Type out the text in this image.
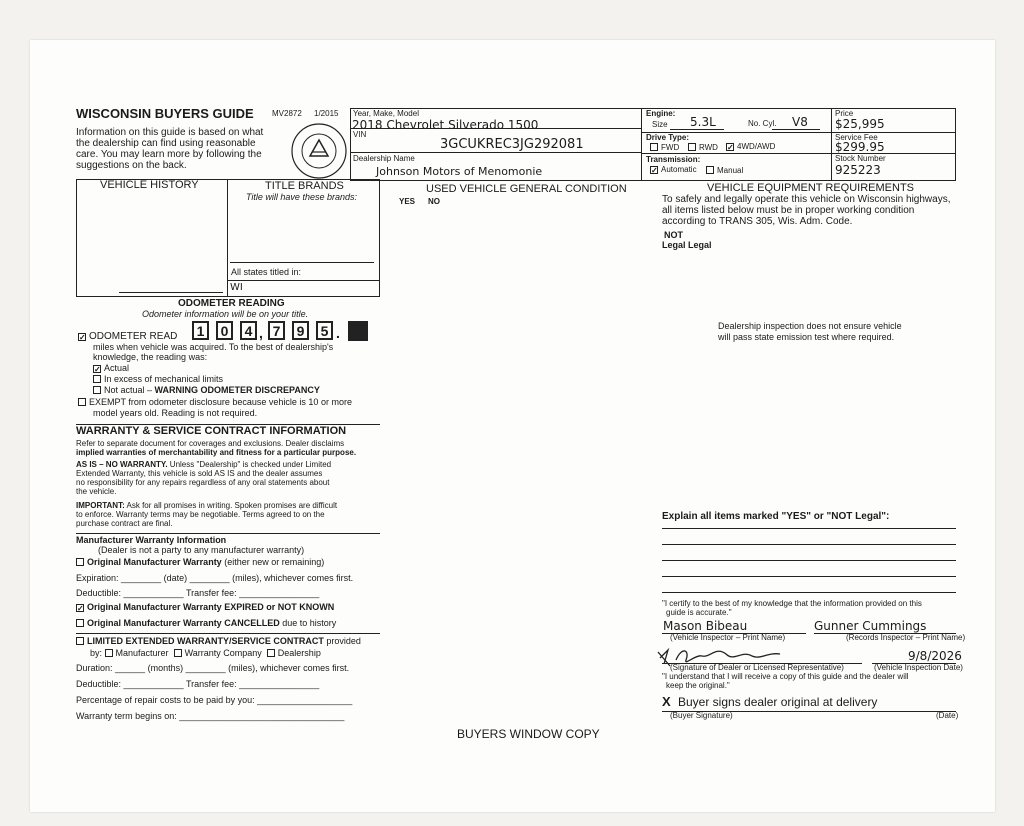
WISCONSIN BUYERS GUIDE MV2872 1/2015
Information on this guide is based on what
the dealership can find using reasonable
care. You may learn more by following the
suggestions on the back.
Year, Make, Model
2018 Chevrolet Silverado 1500
VIN
3GCUKREC3JG292081
Dealership Name
Johnson Motors of Menomonie
Engine:
Size 5.3L	No. Cyl. V8
Drive Type:
FWD	RWD
✓	4WD/AWD
Transmission:
✓Automatic	Manual
Price
$25,995
Service Fee
$299.95
Stock Number
925223
VEHICLE HISTORY	TITLE BRANDS
Title will have these brands:
All states titled in:
WI
ODOMETER READING
Odometer information will be on your title.
✓ODOMETER READ	1	0	4 , 7	9	5 .
miles when vehicle was acquired. To the best of dealership's
knowledge, the reading was:
✓Actual
In excess of mechanical limits
Not actual – WARNING ODOMETER DISCREPANCY
EXEMPT from odometer disclosure because vehicle is 10 or more
model years old. Reading is not required.
WARRANTY & SERVICE CONTRACT INFORMATION
Refer to separate document for coverages and exclusions. Dealer disclaims
implied warranties of merchantability and fitness for a particular purpose.
AS IS – NO WARRANTY. Unless "Dealership" is checked under Limited
Extended Warranty, this vehicle is sold AS IS and the dealer assumes
no responsibility for any repairs regardless of any oral statements about
the vehicle.
IMPORTANT: Ask for all promises in writing. Spoken promises are difficult
to enforce. Warranty terms may be negotiable. Terms agreed to on the
purchase contract are final.
Manufacturer Warranty Information
(Dealer is not a party to any manufacturer warranty)
Original Manufacturer Warranty (either new or remaining)
Expiration: ________ (date) ________ (miles), whichever comes first.
Deductible: ____________ Transfer fee: ________________
✓Original Manufacturer Warranty EXPIRED or NOT KNOWN
Original Manufacturer Warranty CANCELLED due to history
LIMITED EXTENDED WARRANTY/SERVICE CONTRACT provided
by: Manufacturer Warranty Company Dealership
Duration: ______ (months) ________ (miles), whichever comes first.
Deductible: ____________ Transfer fee: ________________
Percentage of repair costs to be paid by you: ___________________
Warranty term begins on: _________________________________
USED VEHICLE GENERAL CONDITION
YES NO
VEHICLE EQUIPMENT REQUIREMENTS
To safely and legally operate this vehicle on Wisconsin highways,
all items listed below must be in proper working condition
according to TRANS 305, Wis. Adm. Code.
NOT
Legal Legal
Dealership inspection does not ensure vehicle
will pass state emission test where required.
Explain all items marked "YES" or "NOT Legal":
"I certify to the best of my knowledge that the information provided on this
guide is accurate."
Mason Bibeau
(Vehicle Inspector – Print Name)
Gunner Cummings
(Records Inspector – Print Name)
(Signature of Dealer or Licensed Representative)
9/8/2026
(Vehicle Inspection Date)
"I understand that I will receive a copy of this guide and the dealer will
keep the original."
X Buyer signs dealer original at delivery
(Buyer Signature)	(Date)
BUYERS WINDOW COPY
